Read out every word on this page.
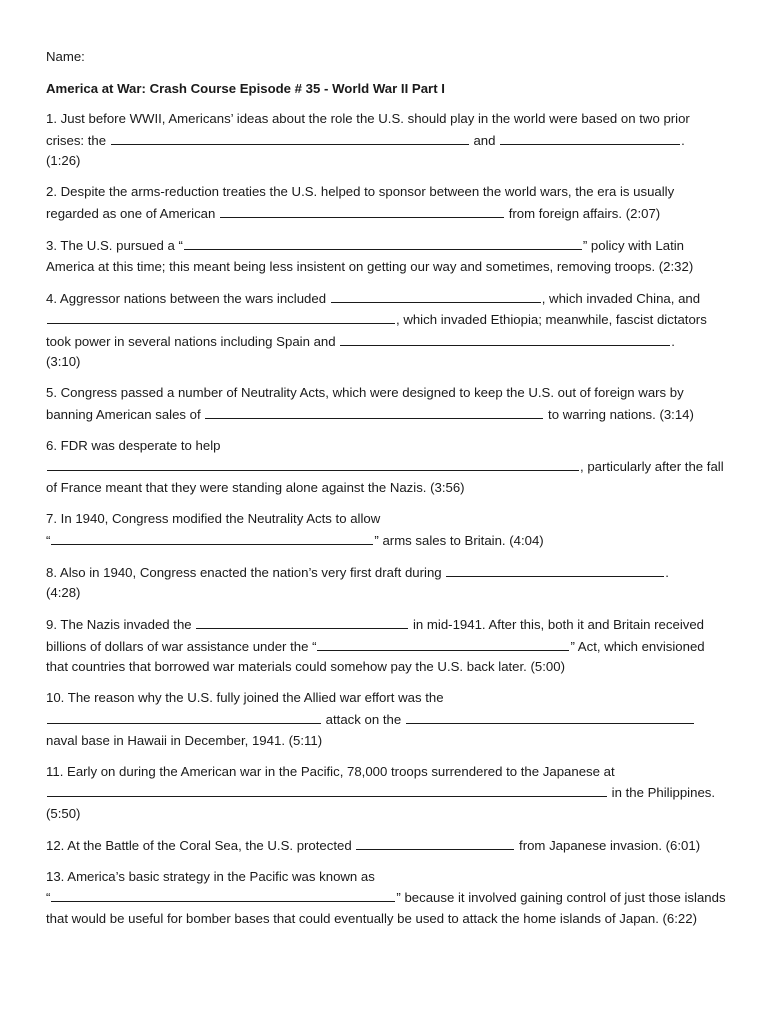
Name:
America at War: Crash Course Episode # 35 - World War II Part I
1. Just before WWII, Americans’ ideas about the role the U.S. should play in the world were based on two prior crises: the	and	.
(1:26)
2. Despite the arms-reduction treaties the U.S. helped to sponsor between the world wars, the era is usually regarded as one of American	from foreign affairs. (2:07)
3. The U.S. pursued a “	” policy with Latin America at this time; this meant being less insistent on getting our way and sometimes, removing troops. (2:32)
4. Aggressor nations between the wars included	, which invaded China, and , which invaded Ethiopia; meanwhile, fascist dictators took power in several nations including Spain and	.
(3:10)
5. Congress passed a number of Neutrality Acts, which were designed to keep the U.S. out of foreign wars by banning American sales of	to warring nations. (3:14)
6. FDR was desperate to help
, particularly after the fall of France meant that they were standing alone against the Nazis. (3:56)
7. In 1940, Congress modified the Neutrality Acts to allow
“	” arms sales to Britain. (4:04)
8. Also in 1940, Congress enacted the nation’s very first draft during	.
(4:28)
9. The Nazis invaded the	in mid-1941. After this, both it and Britain received billions of dollars of war assistance under the “	” Act, which envisioned that countries that borrowed war materials could somehow pay the U.S. back later. (5:00)
10. The reason why the U.S. fully joined the Allied war effort was the
attack on the  naval base in Hawaii in December, 1941. (5:11)
11. Early on during the American war in the Pacific, 78,000 troops surrendered to the Japanese at
in the Philippines.
(5:50)
12. At the Battle of the Coral Sea, the U.S. protected	from Japanese invasion. (6:01)
13. America’s basic strategy in the Pacific was known as
“	” because it involved gaining control of just those islands that would be useful for bomber bases that could eventually be used to attack the home islands of Japan. (6:22)
